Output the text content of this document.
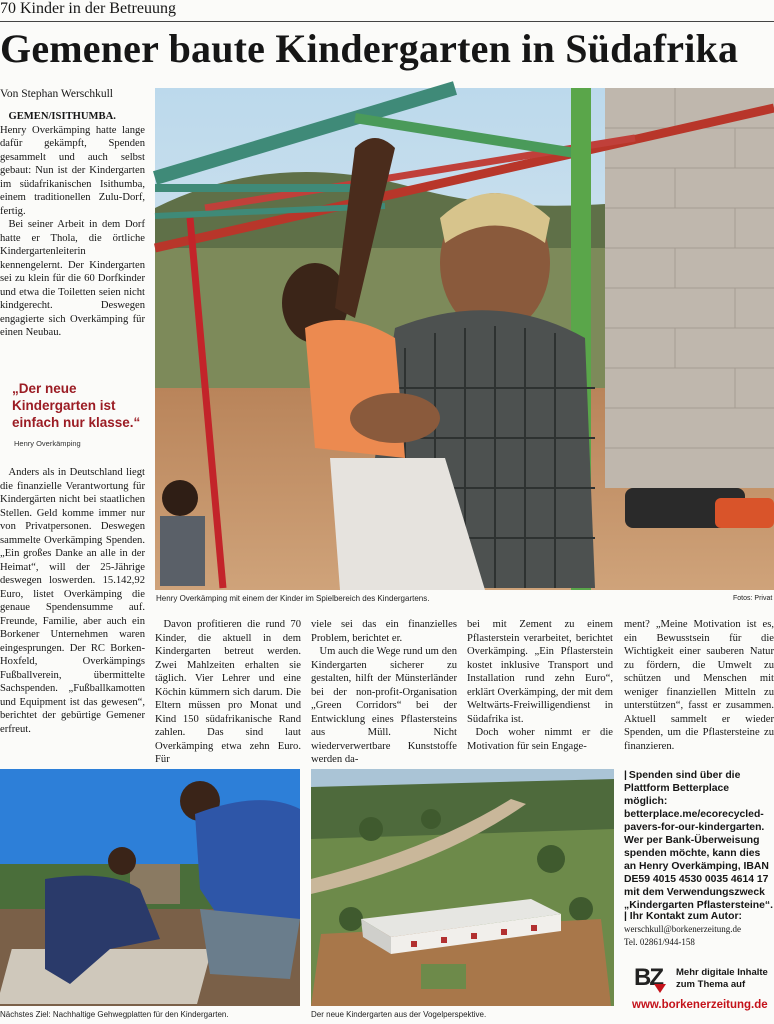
70 Kinder in der Betreuung
Gemener baute Kindergarten in Südafrika
Von Stephan Werschkull

GEMEN/ISITHUMBA.
Henry Overkämping hatte lange dafür gekämpft, Spenden gesammelt und auch selbst gebaut: Nun ist der Kindergarten im südafrikanischen Isithumba, einem traditionellen Zulu-Dorf, fertig.

Bei seiner Arbeit in dem Dorf hatte er Thola, die örtliche Kindergartenleiterin kennengelernt. Der Kindergarten sei zu klein für die 60 Dorfkinder und etwa die Toiletten seien nicht kindgerecht. Deswegen engagierte sich Overkämping für einen Neubau.

„Der neue Kindergarten ist einfach nur klasse.“
Henry Overkämping

Anders als in Deutschland liegt die finanzielle Verantwortung für Kindergärten nicht bei staatlichen Stellen. Geld komme immer nur von Privatpersonen. Deswegen sammelte Overkämping Spenden. „Ein großes Danke an alle in der Heimat“, will der 25-Jährige deswegen loswerden. 15.142,92 Euro, listet Overkämping die genaue Spendensumme auf. Freunde, Familie, aber auch ein Borkener Unternehmen waren eingesprungen. Der RC Borken-Hoxfeld, Overkämpings Fußballverein, übermittelte Sachspenden. „Fußballkamotten und Equipment ist das gewesen“, berichtet der gebürtige Gemener erfreut.

Henry Overkämping mit einem der Kinder im Spielbereich des Kindergartens.	Fotos: Privat

Davon profitieren die rund 70 Kinder, die aktuell in dem Kindergarten betreut werden. Zwei Mahlzeiten erhalten sie täglich. Vier Lehrer und eine Köchin kümmern sich darum. Die Eltern müssen pro Monat und Kind 150 südafrikanische Rand zahlen. Das sind laut Overkämping etwa zehn Euro. Für

viele sei das ein finanzielles Problem, berichtet er.

Um auch die Wege rund um den Kindergarten sicherer zu gestalten, hilft der Münsterländer bei der non-profit-Organisation „Green Corridors“ bei der Entwicklung eines Pflastersteins aus Müll. Nicht wiederverwertbare Kunststoffe werden da-

bei mit Zement zu einem Pflasterstein verarbeitet, berichtet Overkämping. „Ein Pflasterstein kostet inklusive Transport und Installation rund zehn Euro“, erklärt Overkämping, der mit dem Weltwärts-Freiwilligendienst in Südafrika ist.

Doch woher nimmt er die Motivation für sein Engage-

ment? „Meine Motivation ist es, ein Bewusstsein für die Wichtigkeit einer sauberen Natur zu fördern, die Umwelt zu schützen und Menschen mit weniger finanziellen Mitteln zu unterstützen“, fasst er zusammen. Aktuell sammelt er wieder Spenden, um die Pflastersteine zu finanzieren.

Nächstes Ziel: Nachhaltige Gehwegplatten für den Kindergarten.	Der neue Kindergarten aus der Vogelperspektive.
| Spenden sind über die Plattform Betterplace möglich: betterplace.me/ecorecycled-pavers-for-our-kindergarten. Wer per Bank-Überweisung spenden möchte, kann dies an Henry Overkämping, IBAN DE59 4015 4530 0035 4614 17 mit dem Verwendungszweck „Kindergarten Pflastersteine“.
| Ihr Kontakt zum Autor:
werschkull@borkenerzeitung.de
Tel. 02861/944-158
BZ Mehr digitale Inhalte
zum Thema auf
www.borkenerzeitung.de
